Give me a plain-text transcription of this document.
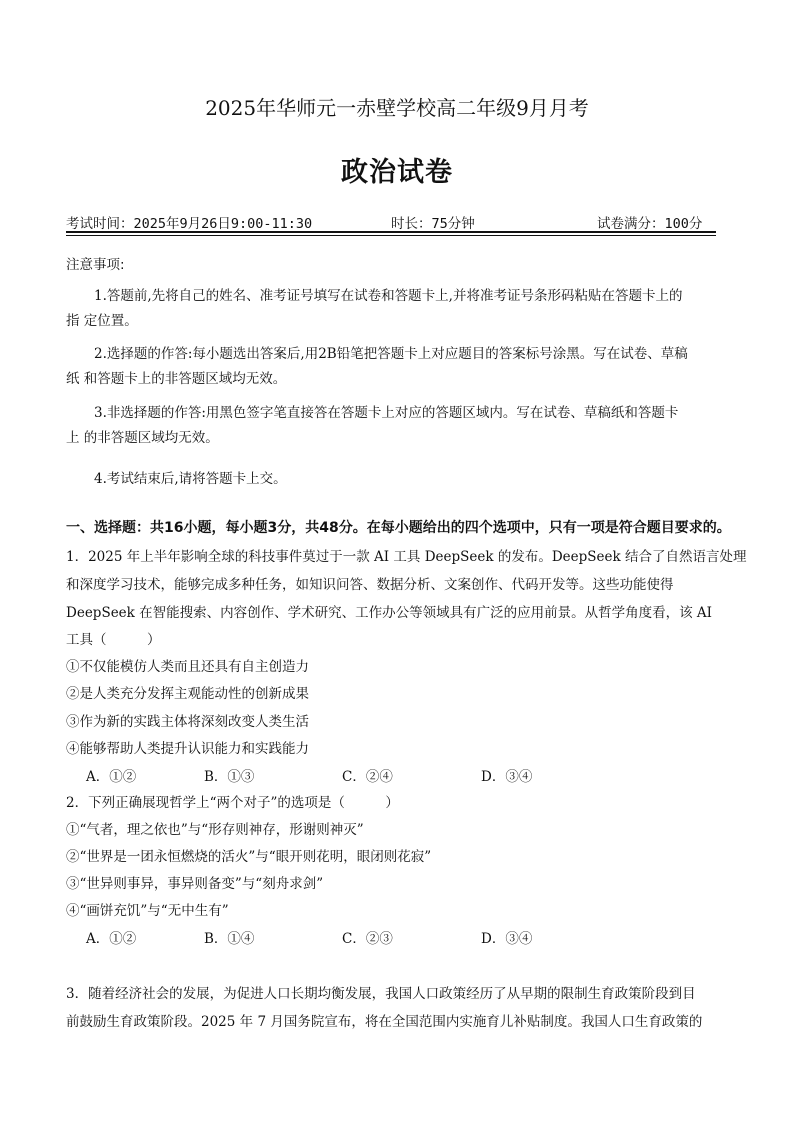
2025年华师元一赤壁学校高二年级9月月考
政治试卷
考试时间：2025年9月26日9:00-11:30	时长：75分钟	试卷满分：100分
注意事项:
1.答题前,先将自己的姓名、准考证号填写在试卷和答题卡上,并将准考证号条形码粘贴在答题卡上的
指 定位置。
2.选择题的作答:每小题选出答案后,用2B铅笔把答题卡上对应题目的答案标号涂黑。写在试卷、草稿
纸 和答题卡上的非答题区域均无效。
3.非选择题的作答:用黑色签字笔直接答在答题卡上对应的答题区域内。写在试卷、草稿纸和答题卡
上 的非答题区域均无效。
4.考试结束后,请将答题卡上交。
一、选择题：共16小题，每小题3分，共48分。在每小题给出的四个选项中，只有一项是符合题目要求的。
1．2025 年上半年影响全球的科技事件莫过于一款 AI 工具 DeepSeek 的发布。DeepSeek 结合了自然语言处理
和深度学习技术，能够完成多种任务，如知识问答、数据分析、文案创作、代码开发等。这些功能使得
DeepSeek 在智能搜索、内容创作、学术研究、工作办公等领域具有广泛的应用前景。从哲学角度看，该 AI
工具（　　　）
①不仅能模仿人类而且还具有自主创造力
②是人类充分发挥主观能动性的创新成果
③作为新的实践主体将深刻改变人类生活
④能够帮助人类提升认识能力和实践能力
A．①②	B．①③	C．②④	D．③④
2．下列正确展现哲学上“两个对子”的选项是（　　　）
①“气者，理之依也”与“形存则神存，形谢则神灭”
②“世界是一团永恒燃烧的活火”与“眼开则花明，眼闭则花寂”
③“世异则事异，事异则备变”与“刻舟求剑”
④“画饼充饥”与“无中生有”
A．①②	B．①④	C．②③	D．③④
3．随着经济社会的发展，为促进人口长期均衡发展，我国人口政策经历了从早期的限制生育政策阶段到目
前鼓励生育政策阶段。2025 年 7 月国务院宣布，将在全国范围内实施育儿补贴制度。我国人口生育政策的
